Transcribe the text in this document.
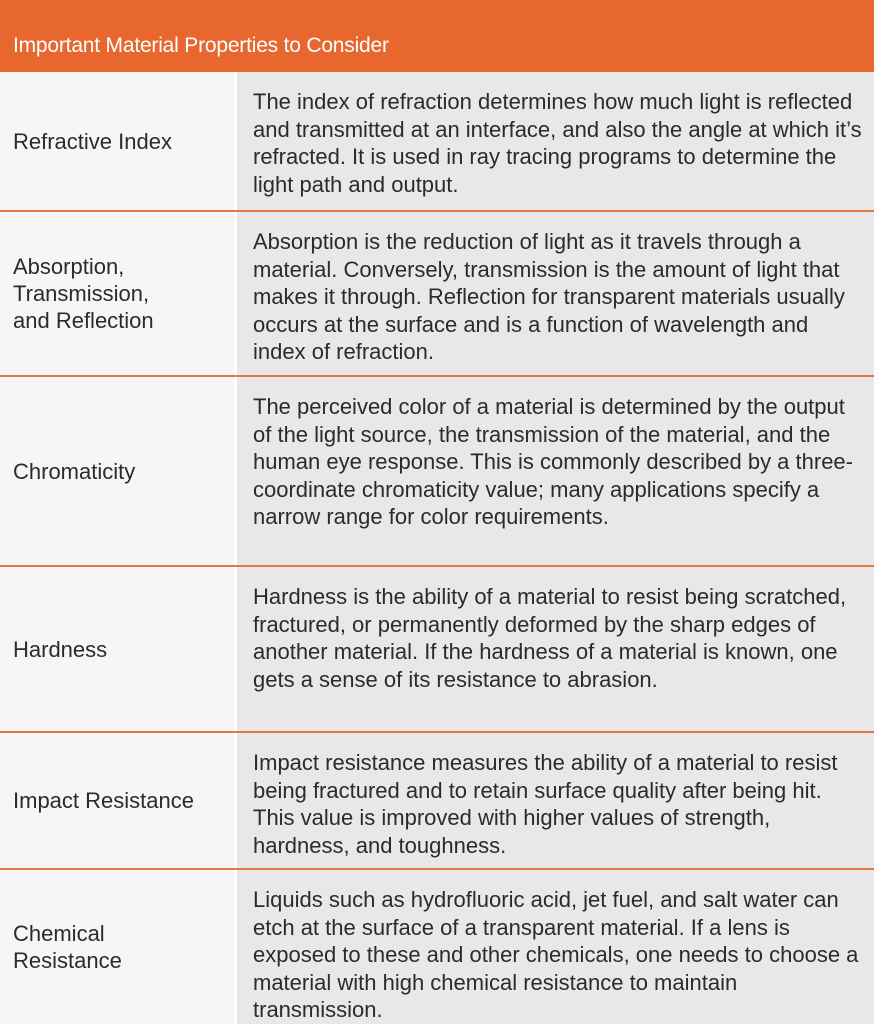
Important Material Properties to Consider
Refractive Index
The index of refraction determines how much light is reflected and transmitted at an interface, and also the angle at which it’s refracted. It is used in ray tracing programs to determine the light path and output.
Absorption, Transmission, and Reflection
Absorption is the reduction of light as it travels through a material. Conversely, transmission is the amount of light that makes it through. Reflection for transparent materials usually occurs at the surface and is a function of wavelength and index of refraction.
Chromaticity
The perceived color of a material is determined by the output of the light source, the transmission of the material, and the human eye response. This is commonly described by a three-coordinate chromaticity value; many applications specify a narrow range for color requirements.
Hardness
Hardness is the ability of a material to resist being scratched, fractured, or permanently deformed by the sharp edges of another material. If the hardness of a material is known, one gets a sense of its resistance to abrasion.
Impact Resistance
Impact resistance measures the ability of a material to resist being fractured and to retain surface quality after being hit. This value is improved with higher values of strength, hardness, and toughness.
Chemical Resistance
Liquids such as hydrofluoric acid, jet fuel, and salt water can etch at the surface of a transparent material. If a lens is exposed to these and other chemicals, one needs to choose a material with high chemical resistance to maintain transmission.
